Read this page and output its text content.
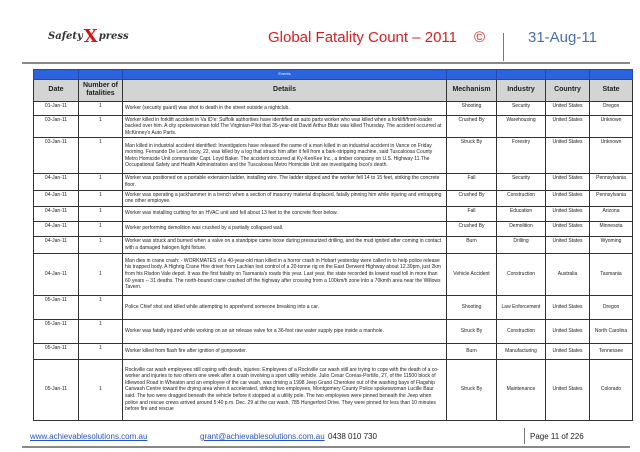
Safety X press	Global Fatality Count – 2011 ©	31-Aug-11
		Events				
Date	Number of fatalities	Details	Mechanism	Industry	Country	State
01-Jan-11	1	Worker (security guard) was shot to death in the street outside a nightclub.	Shooting	Security	United States	Oregon
03-Jan-11	1	Worker killed in forklift accident in Va ID'e: Suffolk authorities have identified an auto parts worker who was killed when a forklift/front-loader backed over him. A city spokeswoman told The Virginian-Pilot that 35-year-old David Arthur Blutz was killed Thursday. The accident occurred at McKinney's Auto Parts.	Crushed By	Warehousing	United States	Unknown
03-Jan-11	1	Man killed in industrial accident identified: Investigators have released the name of a man killed in an industrial accident in Vance on Friday morning. Fernando De Leon Iscoy, 22, was killed by a log that struck him after it fell from a bark-stripping machine, said Tuscaloosa County Metro Homicide Unit commander Capt. Loyd Baker. The accident occurred at Ky-KenKee Inc., a timber company on U.S. Highway 11.The Occupational Safety and Health Administration and the Tuscaloosa Metro Homicide Unit are investigating Iscoi's death.	Struck By	Forestry	United States	Unknown
04-Jan-11	1	Worker was positioned on a portable extension ladder, installing wire. The ladder slipped and the worker fell 14 to 15 feet, striking the concrete floor.	Fall	Security	United States	Pennsylvania
04-Jan-11	1	Worker was operating a jackhammer in a trench when a section of masonry material displaced, fatally pinning him while injuring and entrapping one other employee.	Crushed By	Construction	United States	Pennsylvania
04-Jan-11	1	Worker was installing curbing for an HVAC unit and fell about 13 feet to the concrete floor below.	Fall	Education	United States	Arizona
04-Jan-11	1	Worker performing demolition was crushed by a partially collapsed wall.	Crushed By	Demolition	United States	Minnesota
04-Jan-11	1	Worker was struck and burned when a valve on a standpipe came loose during pressurized drilling, and the mud ignited after coming in contact with a damaged halogen light fixture.	Burn	Drilling	United States	Wyoming
04-Jan-11	1	Man dies in crane crash: - WORKMATES of a 40-year-old man killed in a horror crash in Hobart yesterday were called in to help police release his trapped body. A Highrig Crane Hire driver from Lachlan lost control of a 20-tonne rig on the East Derwent Highway about 12.30pm, just 2km from his Risdon Vale depot. It was the first fatality on Tasmania's roads this year. Last year, the state recorded its lowest road toll in more than 60 years -- 31 deaths. The north-bound crane crashed off the highway after crossing from a 100km/h zone into a 70km/h area near the Willows Tavern.	Vehicle Accident	Construction	Australia	Tasmania
05-Jan-11	1	Police Chief shot and killed while attempting to apprehend someone breaking into a car.	Shooting	Law Enforcement	United States	Oregon
05-Jan-11	1	Worker was fatally injured while working on an air release valve for a 36-foot raw water supply pipe inside a manhole.	Struck By	Construction	United States	North Carolina
05-Jan-11	1	Worker killed from flash fire after ignition of gunpowder.	Burn	Manufacturing	United States	Tennessee
05-Jan-11	1	Rockville car wash employees still coping with death, injuries: Employees of a Rockville car wash still are trying to cope with the death of a co-worker and injuries to two others one week after a crash involving a sport utility vehicle. Julio Cesar Coreas-Portillo, 27, of the 11500 block of Idlewood Road in Wheaton and an employee of the car wash, was driving a 1998 Jeep Grand Cherokee out of the washing bays of Flagship Carwash Centre toward the drying area when it accelerated, striking two employees, Montgomery County Police spokeswoman Lucille Baur said. The two were dragged beneath the vehicle before it stopped at a utility pole. The two employees were pinned beneath the Jeep when police and rescue crews arrived around 5:40 p.m. Dec. 29 at the car wash, 785 Hungerford Drive. They were pinned for less than 10 minutes before fire and rescue	Struck By	Maintenance	United States	Colorado
www.achievablesolutions.com.au	grant@achievablesolutions.com.au 0438 010 730	Page 11 of 226
